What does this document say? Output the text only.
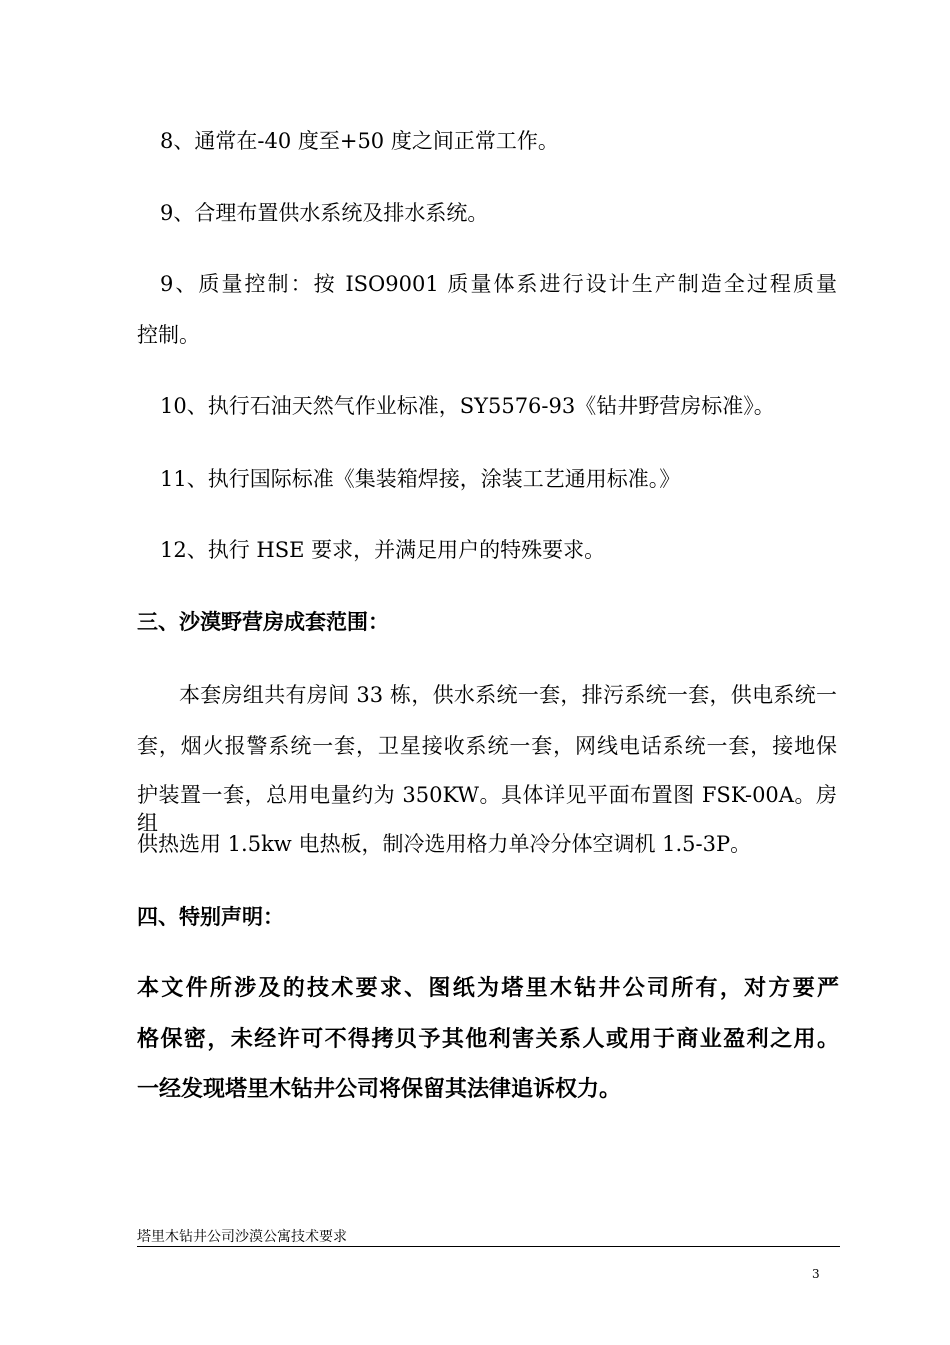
8、通常在-40 度至+50 度之间正常工作。
9、合理布置供水系统及排水系统。
9、质量控制：按 ISO9001 质量体系进行设计生产制造全过程质量
控制。
10、执行石油天然气作业标准，SY5576-93《钻井野营房标准》。
11、执行国际标准《集装箱焊接，涂装工艺通用标准。》
12、执行 HSE 要求，并满足用户的特殊要求。
三、沙漠野营房成套范围：
本套房组共有房间 33 栋，供水系统一套，排污系统一套，供电系统一
套，烟火报警系统一套，卫星接收系统一套，网线电话系统一套，接地保
护装置一套，总用电量约为 350KW。具体详见平面布置图 FSK-00A。房组
供热选用 1.5kw 电热板，制冷选用格力单冷分体空调机 1.5-3P。
四、特别声明：
本文件所涉及的技术要求、图纸为塔里木钻井公司所有，对方要严
格保密，未经许可不得拷贝予其他利害关系人或用于商业盈利之用。
一经发现塔里木钻井公司将保留其法律追诉权力。
塔里木钻井公司沙漠公寓技术要求
3
